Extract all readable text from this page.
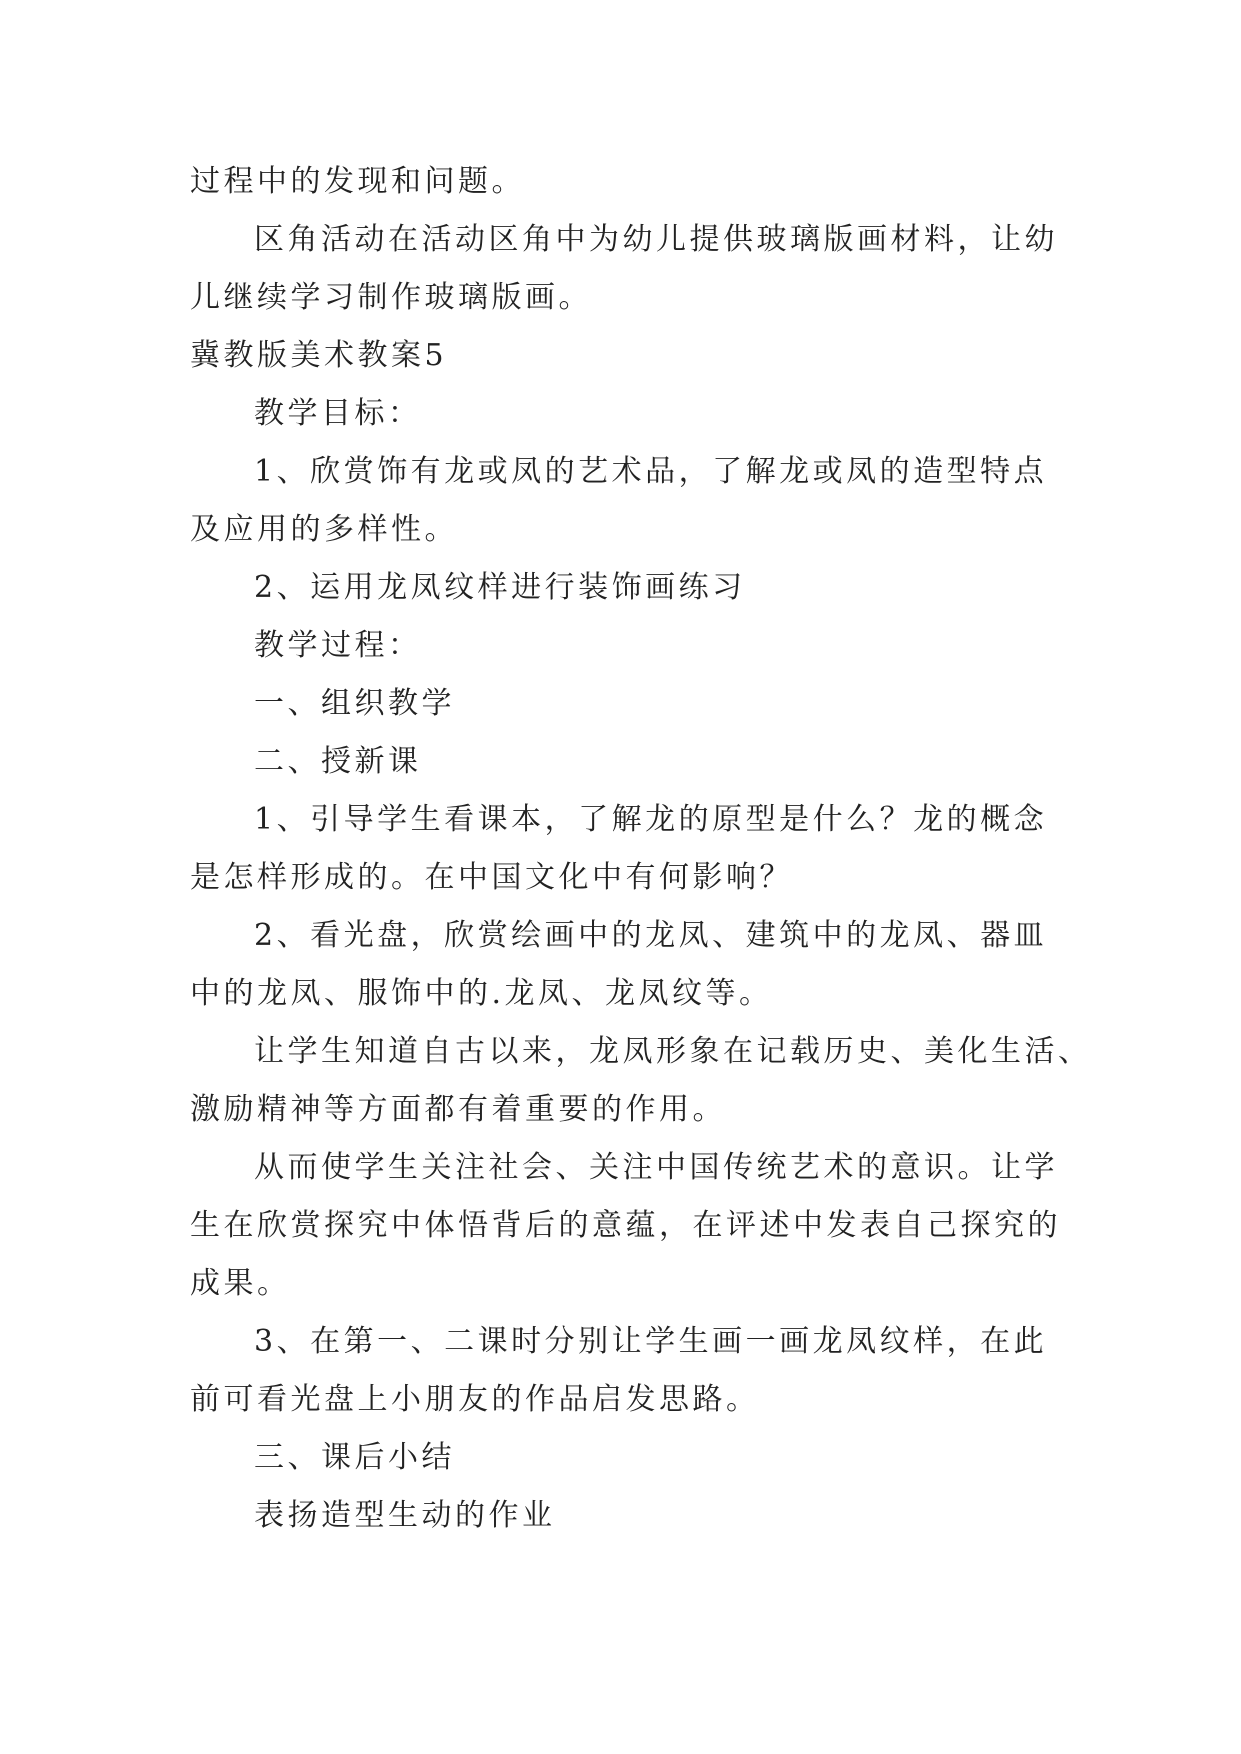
过程中的发现和问题。
区角活动在活动区角中为幼儿提供玻璃版画材料，让幼
儿继续学习制作玻璃版画。
冀教版美术教案5
教学目标：
1、欣赏饰有龙或凤的艺术品，了解龙或凤的造型特点
及应用的多样性。
2、运用龙凤纹样进行装饰画练习
教学过程：
一、组织教学
二、授新课
1、引导学生看课本，了解龙的原型是什么？龙的概念
是怎样形成的。在中国文化中有何影响？
2、看光盘，欣赏绘画中的龙凤、建筑中的龙凤、器皿
中的龙凤、服饰中的.龙凤、龙凤纹等。
让学生知道自古以来，龙凤形象在记载历史、美化生活、
激励精神等方面都有着重要的作用。
从而使学生关注社会、关注中国传统艺术的意识。让学
生在欣赏探究中体悟背后的意蕴，在评述中发表自己探究的
成果。
3、在第一、二课时分别让学生画一画龙凤纹样，在此
前可看光盘上小朋友的作品启发思路。
三、课后小结
表扬造型生动的作业
